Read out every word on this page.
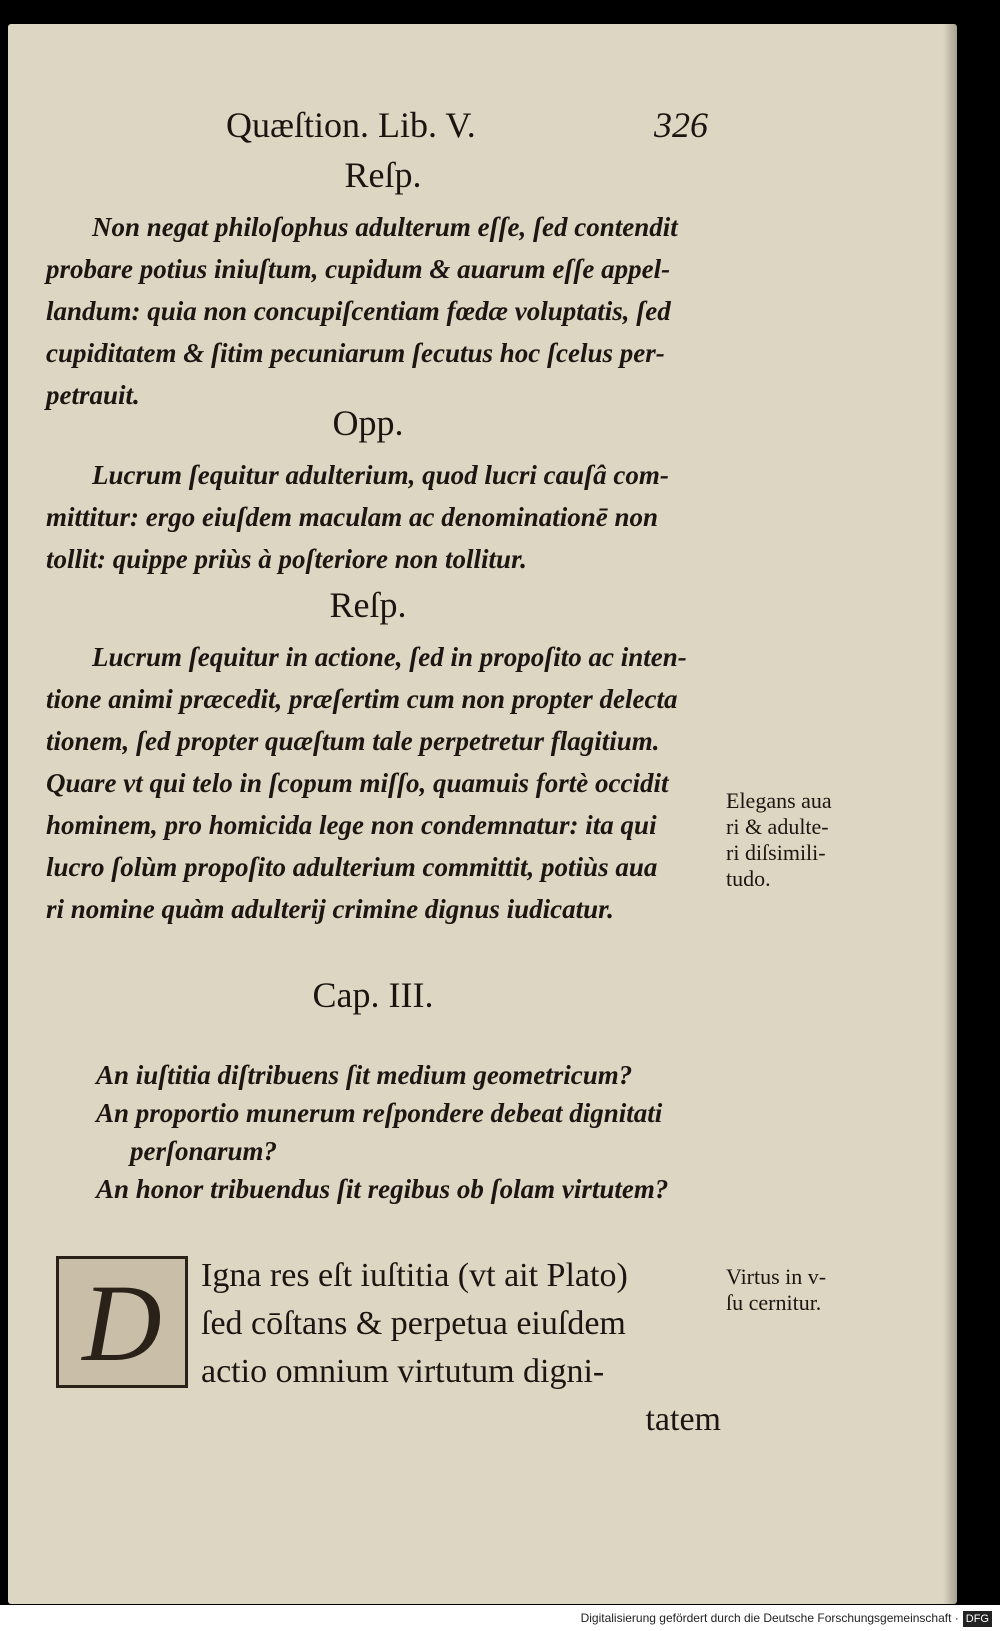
Quæſtion. Lib. V.	326
Reſp.

Non negat philoſophus adulterum eſſe, ſed contendit

probare potius iniuſtum, cupidum & auarum eſſe appel-

landum: quia non concupiſcentiam fœdæ voluptatis, ſed

cupiditatem & ſitim pecuniarum ſecutus hoc ſcelus per-

petrauit.

Opp.

Lucrum ſequitur adulterium, quod lucri cauſâ com-

mittitur: ergo eiuſdem maculam ac denominationē non

tollit: quippe priùs à poſteriore non tollitur.

Reſp.

Lucrum ſequitur in actione, ſed in propoſito ac inten-

tione animi præcedit, præſertim cum non propter delecta

tionem, ſed propter quæſtum tale perpetretur flagitium.

Quare vt qui telo in ſcopum miſſo, quamuis fortè occidit

hominem, pro homicida lege non condemnatur: ita qui

lucro ſolùm propoſito adulterium committit, potiùs aua

ri nomine quàm adulterij crimine dignus iudicatur.

Elegans aua
ri & adulte-
ri diſsimili-
tudo.
Cap. III.
An iuſtitia diſtribuens ſit medium geometricum?
An proportio munerum reſpondere debeat dignitati
perſonarum?
An honor tribuendus ſit regibus ob ſolam virtutem?
D	Igna res eſt iuſtitia (vt ait Plato)
ſed cōſtans & perpetua eiuſdem
actio omnium virtutum digni-
tatem
Virtus in v-
ſu cernitur.
Digitalisierung gefördert durch die Deutsche Forschungsgemeinschaft · DFG
